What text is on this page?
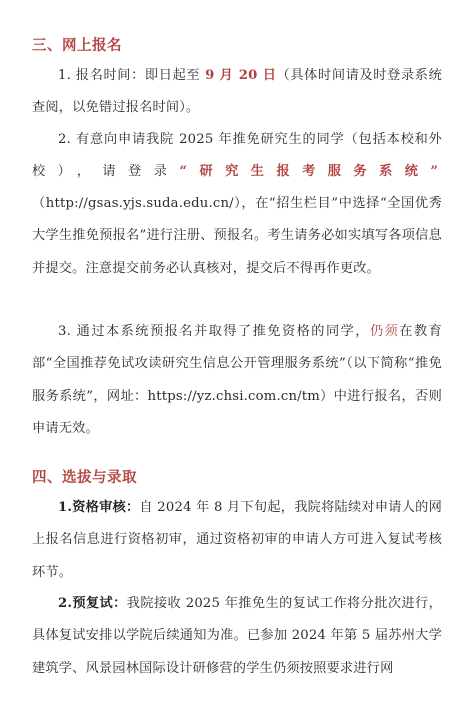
三、网上报名
1. 报名时间：即日起至 9 月 20 日（具体时间请及时登录系统查阅，以免错过报名时间）。
2. 有意向申请我院 2025 年推免研究生的同学（包括本校和外
校），请登录“研究生报考服务系统”
（http://gsas.yjs.suda.edu.cn/），在“招生栏目”中选择“全国优秀大学生推免预报名”进行注册、预报名。考生请务必如实填写各项信息并提交。注意提交前务必认真核对，提交后不得再作更改。
3. 通过本系统预报名并取得了推免资格的同学，仍须在教育部“全国推荐免试攻读研究生信息公开管理服务系统”（以下简称“推免服务系统”，网址：https://yz.chsi.com.cn/tm）中进行报名，否则申请无效。
四、选拔与录取
1.资格审核：自 2024 年 8 月下旬起，我院将陆续对申请人的网上报名信息进行资格初审，通过资格初审的申请人方可进入复试考核环节。
2.预复试：我院接收 2025 年推免生的复试工作将分批次进行，具体复试安排以学院后续通知为准。已参加 2024 年第 5 届苏州大学建筑学、风景园林国际设计研修营的学生仍须按照要求进行网
